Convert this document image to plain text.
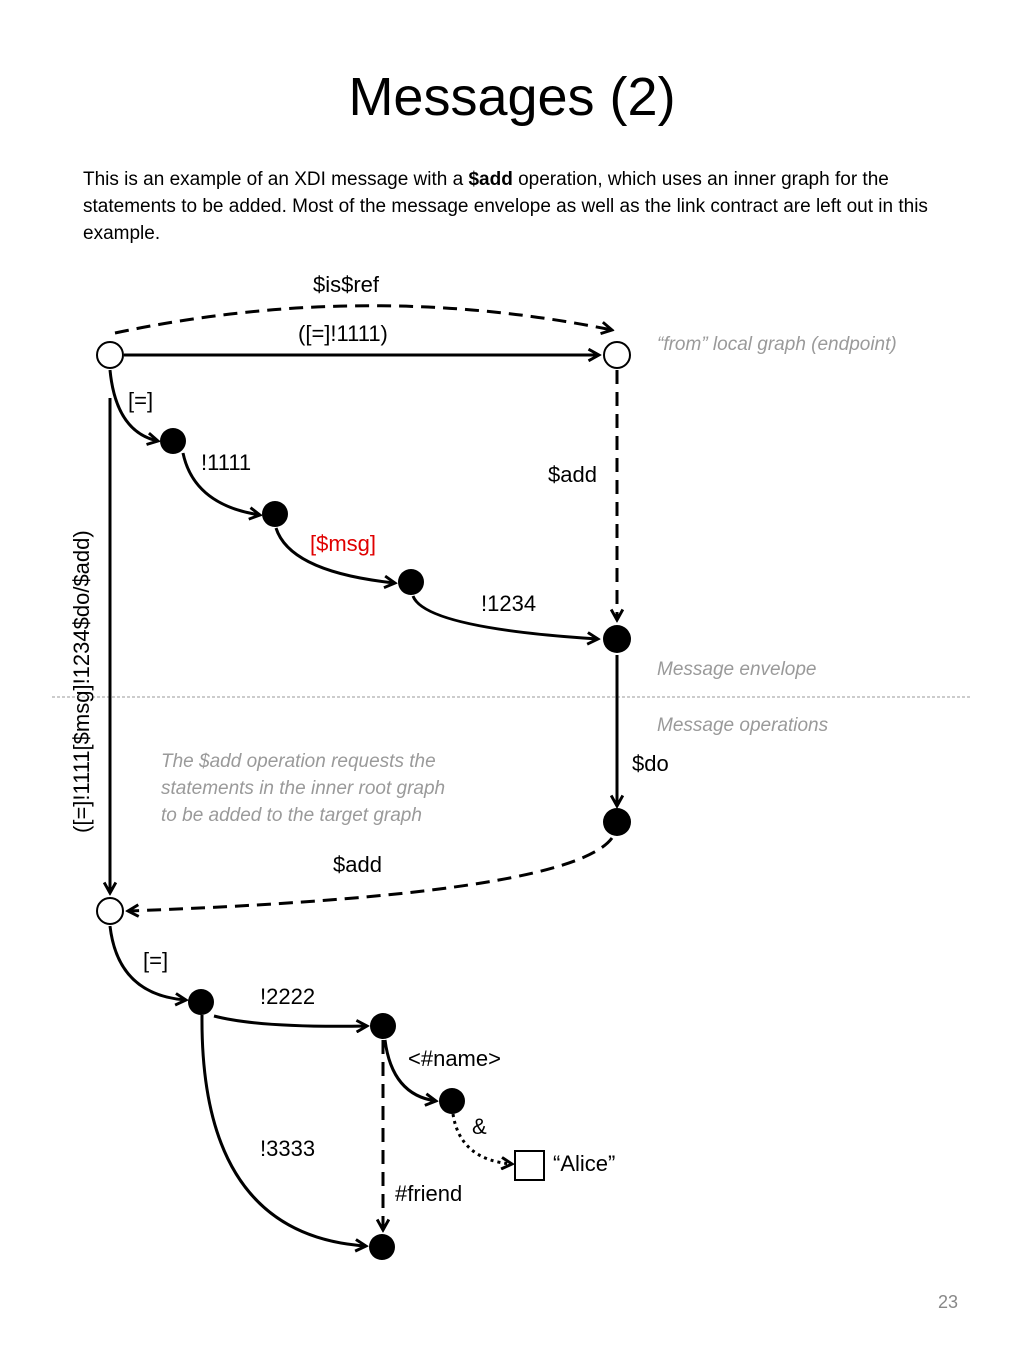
Messages (2)
This is an example of an XDI message with a $add operation, which uses an inner graph for the statements to be added. Most of the message envelope as well as the link contract are left out in this example.
$is$ref
([=]!1111)
[=]
!1111
[$msg]
!1234
$add
([=]!1111[$msg]!1234$do/$add)	$do
$add
[=]
!2222
<#name>
&
“Alice”
!3333
#friend
“from” local graph (endpoint)
Message envelope
Message operations
The $add operation requests the
statements in the inner root graph
to be added to the target graph
23
